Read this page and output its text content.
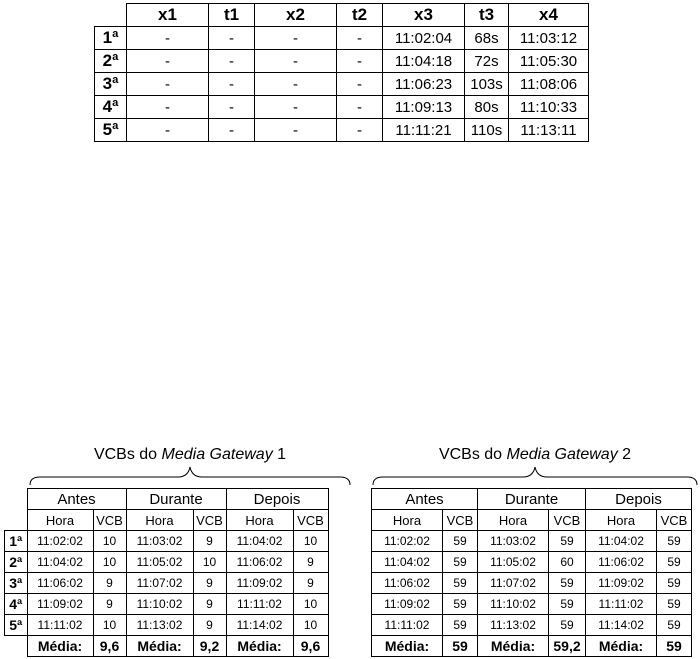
	x1	t1	x2	t2	x3	t3	x4
1ª	-	-	-	-	11:02:04	68s	11:03:12
2ª	-	-	-	-	11:04:18	72s	11:05:30
3ª	-	-	-	-	11:06:23	103s	11:08:06
4ª	-	-	-	-	11:09:13	80s	11:10:33
5ª	-	-	-	-	11:11:21	110s	11:13:11
VCBs do Media Gateway 1	VCBs do Media Gateway 2
	Antes		Durante		Depois	
	Hora	VCB	Hora	VCB	Hora	VCB
1ª	11:02:02	10	11:03:02	9	11:04:02	10
2ª	11:04:02	10	11:05:02	10	11:06:02	9
3ª	11:06:02	9	11:07:02	9	11:09:02	9
4ª	11:09:02	9	11:10:02	9	11:11:02	10
5ª	11:11:02	10	11:13:02	9	11:14:02	10
	Média:	9,6	Média:	9,2	Média:	9,6
Antes		Durante		Depois	
Hora	VCB	Hora	VCB	Hora	VCB
11:02:02	59	11:03:02	59	11:04:02	59
11:04:02	59	11:05:02	60	11:06:02	59
11:06:02	59	11:07:02	59	11:09:02	59
11:09:02	59	11:10:02	59	11:11:02	59
11:11:02	59	11:13:02	59	11:14:02	59
Média:	59	Média:	59,2	Média:	59
